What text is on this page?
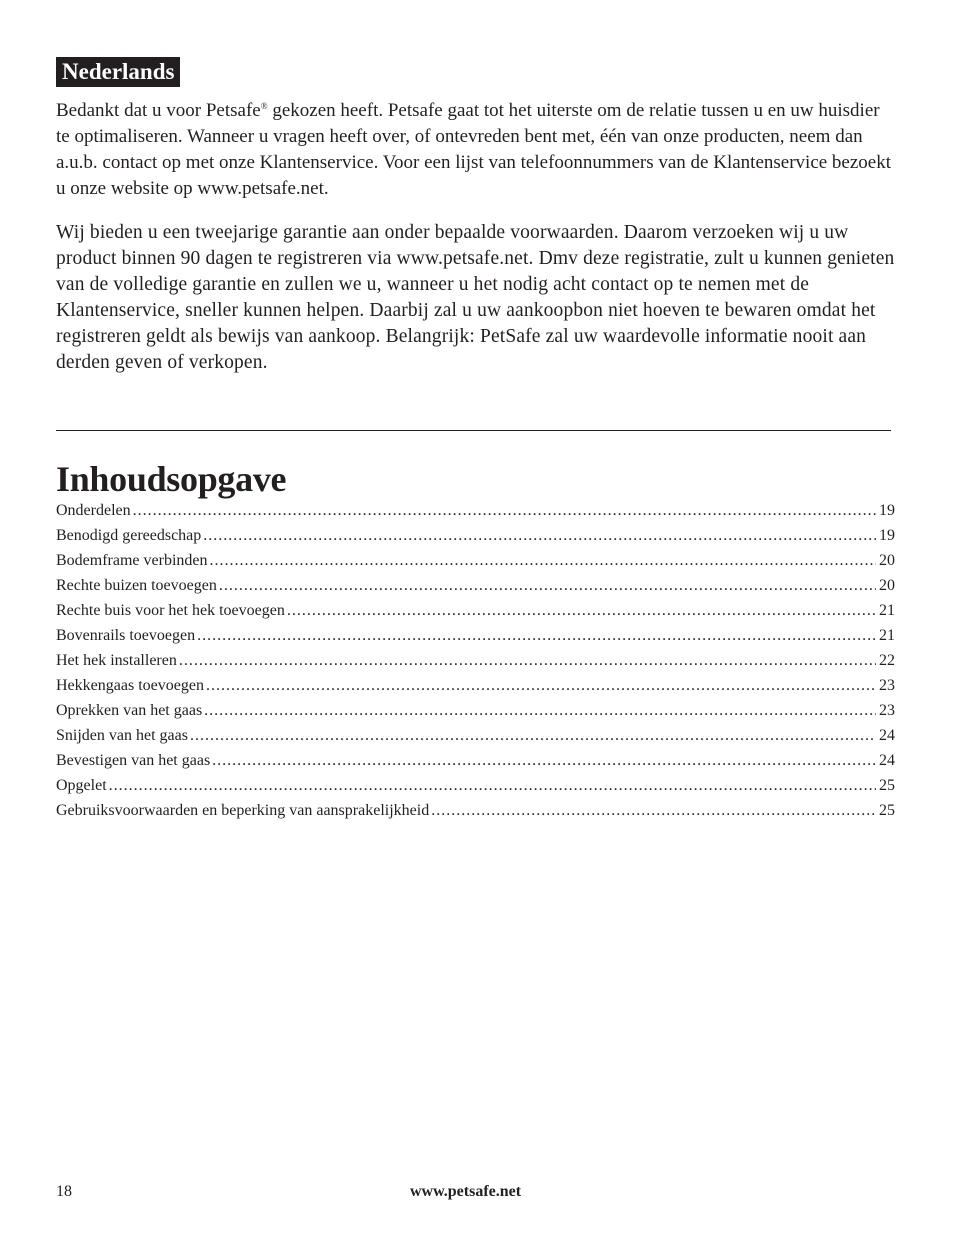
Nederlands

Bedankt dat u voor Petsafe® gekozen heeft. Petsafe gaat tot het uiterste om de relatie tussen u en uw huisdier te optimaliseren. Wanneer u vragen heeft over, of ontevreden bent met, één van onze producten, neem dan a.u.b. contact op met onze Klantenservice. Voor een lijst van telefoonnummers van de Klantenservice bezoekt u onze website op www.petsafe.net.

Wij bieden u een tweejarige garantie aan onder bepaalde voorwaarden. Daarom verzoeken wij u uw product binnen 90 dagen te registreren via www.petsafe.net. Dmv deze registratie, zult u kunnen genieten van de volledige garantie en zullen we u, wanneer u het nodig acht contact op te nemen met de Klantenservice, sneller kunnen helpen. Daarbij zal u uw aankoopbon niet hoeven te bewaren omdat het registreren geldt als bewijs van aankoop. Belangrijk: PetSafe zal uw waardevolle informatie nooit aan derden geven of verkopen.

Inhoudsopgave
Onderdelen .....	19
Benodigd gereedschap .....	19
Bodemframe verbinden .....	20
Rechte buizen toevoegen .....	20
Rechte buis voor het hek toevoegen .....	21
Bovenrails toevoegen .....	21
Het hek installeren .....	22
Hekkengaas toevoegen .....	23
Oprekken van het gaas .....	23
Snijden van het gaas .....	24
Bevestigen van het gaas .....	24
Opgelet .....	25
Gebruiksvoorwaarden en beperking van aansprakelijkheid .....	25
18	www.petsafe.net
